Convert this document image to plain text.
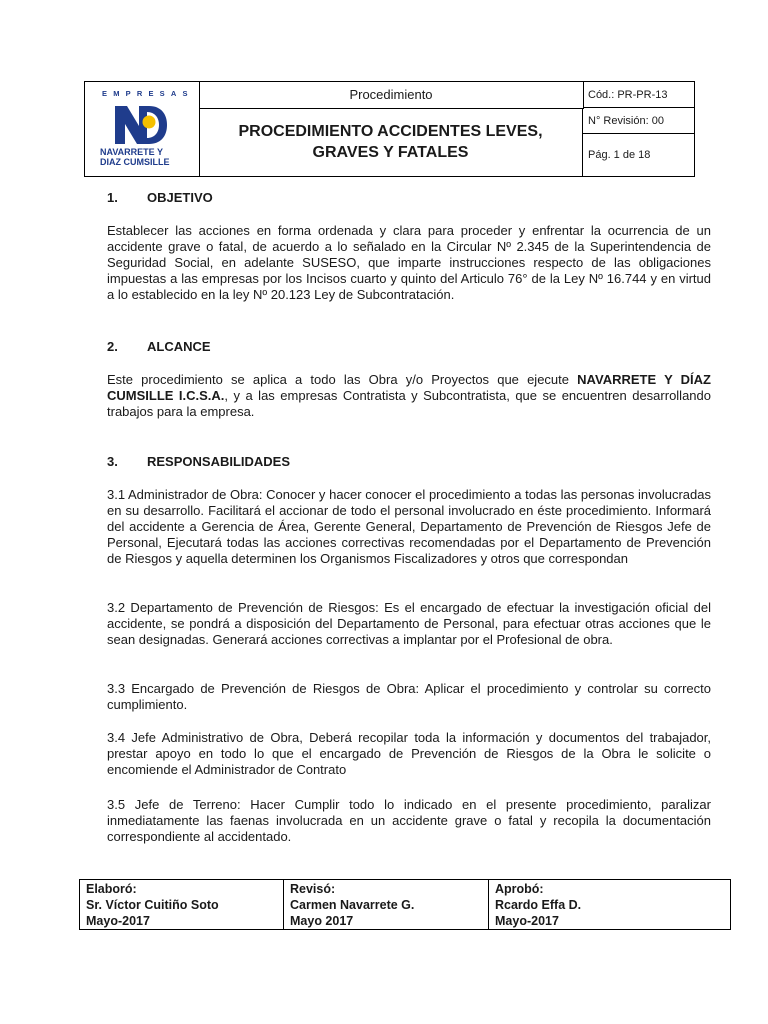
EMPRESAS
NAVARRETE Y
DIAZ CUMSILLE
Procedimiento
PROCEDIMIENTO ACCIDENTES LEVES,
GRAVES Y FATALES
Cód.: PR-PR-13
N° Revisión: 00
Pág. 1 de 18
1. OBJETIVO
Establecer las acciones en forma ordenada y clara para proceder y enfrentar la ocurrencia de un accidente grave o fatal, de acuerdo a lo señalado en la Circular Nº 2.345 de la Superintendencia de Seguridad Social, en adelante SUSESO, que imparte instrucciones respecto de las obligaciones impuestas a las empresas por los Incisos cuarto y quinto del Articulo 76° de la Ley Nº 16.744 y en virtud a lo establecido en la ley Nº 20.123 Ley de Subcontratación.
2. ALCANCE
Este procedimiento se aplica a todo las Obra y/o Proyectos que ejecute NAVARRETE Y DÍAZ CUMSILLE I.C.S.A., y a las empresas Contratista y Subcontratista, que se encuentren desarrollando trabajos para la empresa.
3. RESPONSABILIDADES
3.1 Administrador de Obra: Conocer y hacer conocer el procedimiento a todas las personas involucradas en su desarrollo. Facilitará el accionar de todo el personal involucrado en éste procedimiento. Informará del accidente a Gerencia de Área, Gerente General, Departamento de Prevención de Riesgos Jefe de Personal, Ejecutará todas las acciones correctivas recomendadas por el Departamento de Prevención de Riesgos y aquella determinen los Organismos Fiscalizadores y otros que correspondan
3.2 Departamento de Prevención de Riesgos: Es el encargado de efectuar la investigación oficial del accidente, se pondrá a disposición del Departamento de Personal, para efectuar otras acciones que le sean designadas. Generará acciones correctivas a implantar por el Profesional de obra.
3.3 Encargado de Prevención de Riesgos de Obra: Aplicar el procedimiento y controlar su correcto cumplimiento.
3.4 Jefe Administrativo de Obra, Deberá recopilar toda la información y documentos del trabajador, prestar apoyo en todo lo que el encargado de Prevención de Riesgos de la Obra le solicite o encomiende el Administrador de Contrato
3.5 Jefe de Terreno: Hacer Cumplir todo lo indicado en el presente procedimiento, paralizar inmediatamente las faenas involucrada en un accidente grave o fatal y recopila la documentación correspondiente al accidentado.
Elaboró:
Sr. Víctor Cuitiño Soto
Mayo-2017
Revisó:
Carmen Navarrete G.
Mayo 2017
Aprobó:
Rcardo Effa D.
Mayo-2017
